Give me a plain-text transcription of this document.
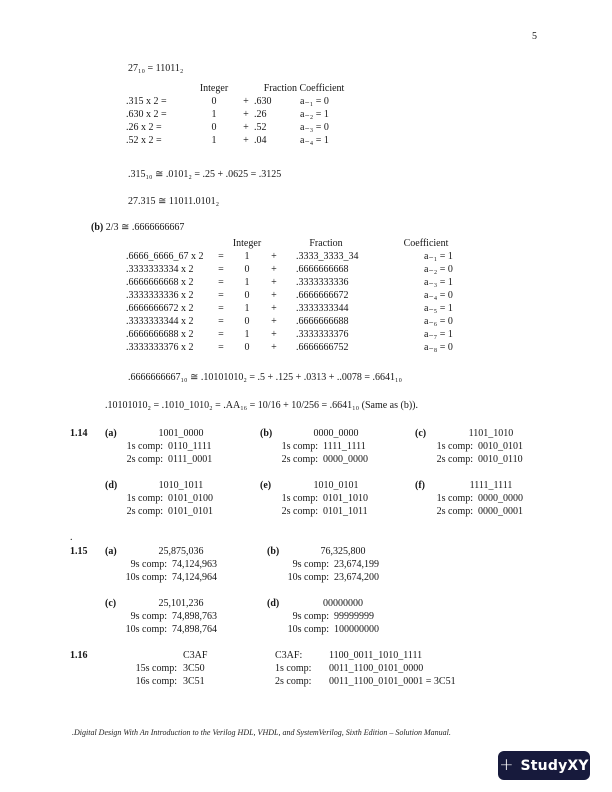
5
27₁₀ = 11011₂
	Integer	Fraction Coefficient		
.315 x 2 =	0	+	.630	a₋₁ = 0
.630 x 2 =	1	+	.26	a₋₂ = 1
.26 x 2 =	0	+	.52	a₋₃ = 0
.52 x 2 =	1	+	.04	a₋₄ = 1
.315₁₀ ≅ .0101₂ = .25 + .0625 = .3125
27.315 ≅ 11011.0101₂
(b) 2/3 ≅ .6666666667
		Integer		Fraction	Coefficient
.6666_6666_67 x 2	=	1	+	.3333_3333_34	a₋₁ = 1
.3333333334 x 2	=	0	+	.6666666668	a₋₂ = 0
.6666666668 x 2	=	1	+	.3333333336	a₋₃ = 1
.3333333336 x 2	=	0	+	.6666666672	a₋₄ = 0
.6666666672 x 2	=	1	+	.3333333344	a₋₅ = 1
.3333333344 x 2	=	0	+	.6666666688	a₋₆ = 0
.6666666688 x 2	=	1	+	.3333333376	a₋₇ = 1
.3333333376 x 2	=	0	+	.6666666752	a₋₈ = 0
.6666666667₁₀ ≅ .10101010₂ = .5 + .125 + .0313 + ..0078 = .6641₁₀
.10101010₂ = .1010_1010₂ = .AA₁₆ = 10/16 + 10/256 = .6641₁₀ (Same as (b)).
1.14	(a)	1001_0000
1s comp: 0110_1111
2s comp: 0111_0001
(b)	0000_0000
1s comp: 1111_1111
2s comp: 0000_0000
(c)	1101_1010
1s comp: 0010_0101
2s comp: 0010_0110
(d)	1010_1011
1s comp: 0101_0100
2s comp: 0101_0101
(e)	1010_0101
1s comp: 0101_1010
2s comp: 0101_1011
(f)	1111_1111
1s comp: 0000_0000
2s comp: 0000_0001
.
1.15	(a)	25,875,036
9s comp: 74,124,963
10s comp: 74,124,964
(b)	76,325,800
9s comp: 23,674,199
10s comp: 23,674,200
(c)	25,101,236
9s comp: 74,898,763
10s comp: 74,898,764
(d)	00000000
9s comp: 99999999
10s comp: 100000000
1.16	C3AF
15s comp: 3C50
16s comp: 3C51
C3AF:	1100_0011_1010_1111
1s comp: 0011_1100_0101_0000
2s comp: 0011_1100_0101_0001 = 3C51
.Digital Design With An Introduction to the Verilog HDL, VHDL, and SystemVerilog, Sixth Edition – Solution Manual.
+ StudyXY
